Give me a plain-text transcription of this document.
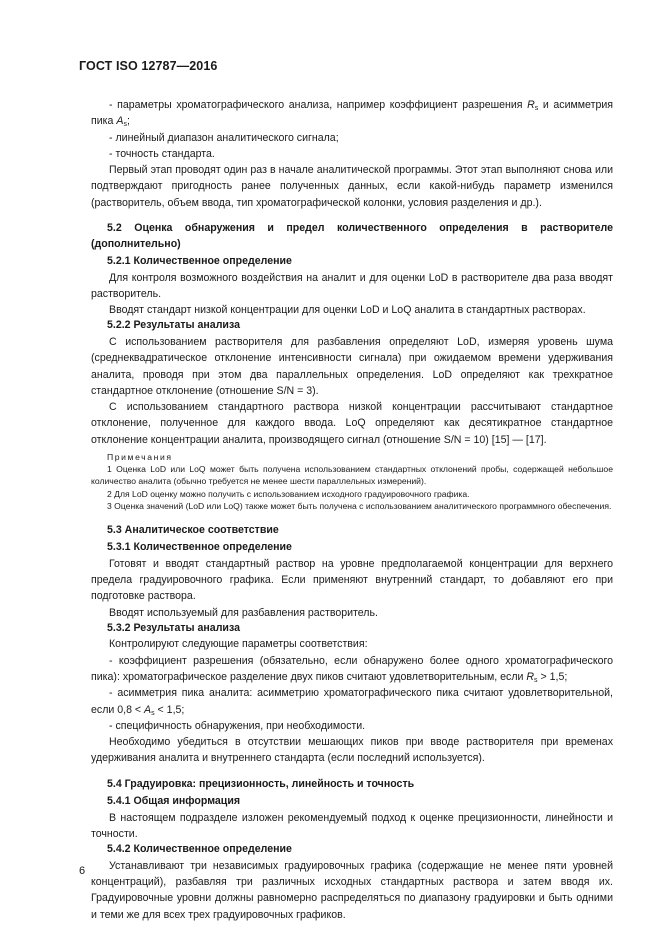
ГОСТ ISO 12787—2016

- параметры хроматографического анализа, например коэффициент разрешения $R_s$ и асимметрия пика $A_s$;

- линейный диапазон аналитического сигнала;

- точность стандарта.

Первый этап проводят один раз в начале аналитической программы. Этот этап выполняют снова или подтверждают пригодность ранее полученных данных, если какой-нибудь параметр изменился (растворитель, объем ввода, тип хроматографической колонки, условия разделения и др.).

5.2 Оценка обнаружения и предел количественного определения в растворителе (дополнительно)

5.2.1 Количественное определение

Для контроля возможного воздействия на аналит и для оценки LoD в растворителе два раза вводят растворитель.

Вводят стандарт низкой концентрации для оценки LoD и LoQ аналита в стандартных растворах.

5.2.2 Результаты анализа

С использованием растворителя для разбавления определяют LoD, измеряя уровень шума (среднеквадратическое отклонение интенсивности сигнала) при ожидаемом времени удерживания аналита, проводя при этом два параллельных определения. LoD определяют как трехкратное стандартное отклонение (отношение S/N = 3).

С использованием стандартного раствора низкой концентрации рассчитывают стандартное отклонение, полученное для каждого ввода. LoQ определяют как десятикратное стандартное отклонение концентрации аналита, производящего сигнал (отношение S/N = 10) [15] — [17].

Примечания

1 Оценка LoD или LoQ может быть получена использованием стандартных отклонений пробы, содержащей небольшое количество аналита (обычно требуется не менее шести параллельных измерений).

2 Для LoD оценку можно получить с использованием исходного градуировочного графика.

3 Оценка значений (LoD или LoQ) также может быть получена с использованием аналитического программного обеспечения.

5.3 Аналитическое соответствие

5.3.1 Количественное определение

Готовят и вводят стандартный раствор на уровне предполагаемой концентрации для верхнего предела градуировочного графика. Если применяют внутренний стандарт, то добавляют его при подготовке раствора.

Вводят используемый для разбавления растворитель.

5.3.2 Результаты анализа

Контролируют следующие параметры соответствия:

- коэффициент разрешения (обязательно, если обнаружено более одного хроматографического пика): хроматографическое разделение двух пиков считают удовлетворительным, если $R_s > 1,5$;

- асимметрия пика аналита: асимметрию хроматографического пика считают удовлетворительной, если $0,8 < A_s < 1,5$;

- специфичность обнаружения, при необходимости.

Необходимо убедиться в отсутствии мешающих пиков при вводе растворителя при временах удерживания аналита и внутреннего стандарта (если последний используется).

5.4 Градуировка: прецизионность, линейность и точность

5.4.1 Общая информация

В настоящем подразделе изложен рекомендуемый подход к оценке прецизионности, линейности и точности.

5.4.2 Количественное определение

Устанавливают три независимых градуировочных графика (содержащие не менее пяти уровней концентраций), разбавляя три различных исходных стандартных раствора и затем вводя их. Градуировочные уровни должны равномерно распределяться по диапазону градуировки и быть одними и теми же для всех трех градуировочных графиков.

6
